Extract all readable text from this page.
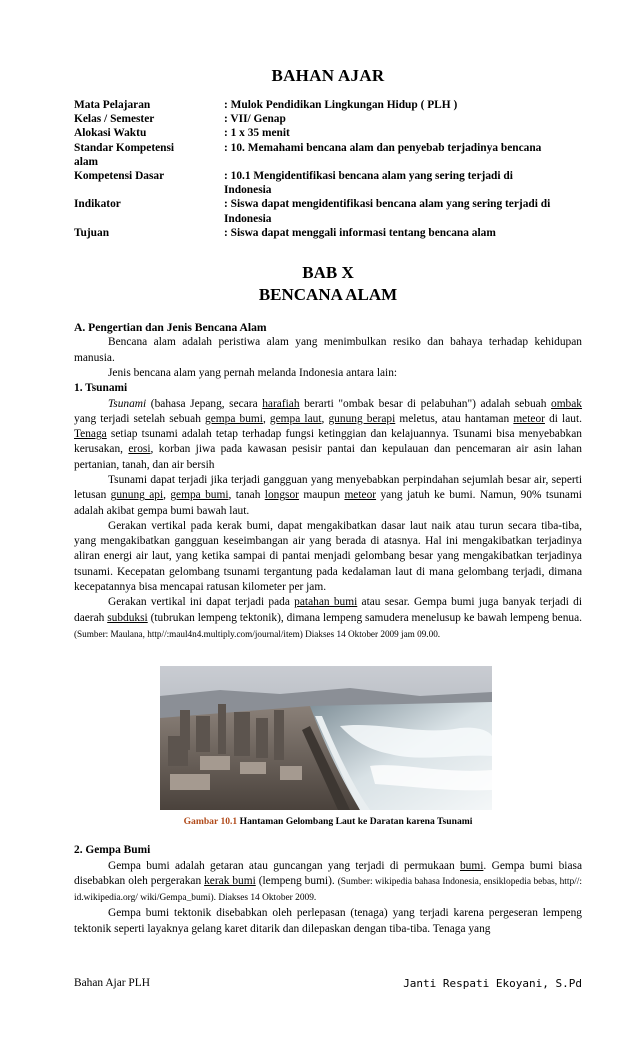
BAHAN AJAR
Mata Pelajaran	: Mulok Pendidikan Lingkungan Hidup ( PLH )
Kelas / Semester	: VII/ Genap
Alokasi Waktu	: 1 x 35 menit
Standar Kompetensi	: 10. Memahami bencana alam dan penyebab terjadinya bencana
alam
Kompetensi Dasar	: 10.1 Mengidentifikasi bencana alam yang sering terjadi di
Indonesia
Indikator	: Siswa dapat mengidentifikasi bencana alam yang sering terjadi di
Indonesia
Tujuan	: Siswa dapat menggali informasi tentang bencana alam
BAB X
BENCANA ALAM
A. Pengertian dan Jenis Bencana Alam

Bencana alam adalah peristiwa alam yang menimbulkan resiko dan bahaya terhadap kehidupan manusia.

Jenis bencana alam yang pernah melanda Indonesia antara lain:

1. Tsunami

Tsunami (bahasa Jepang, secara harafiah berarti "ombak besar di pelabuhan") adalah sebuah ombak yang terjadi setelah sebuah gempa bumi, gempa laut, gunung berapi meletus, atau hantaman meteor di laut. Tenaga setiap tsunami adalah tetap terhadap fungsi ketinggian dan kelajuannya. Tsunami bisa menyebabkan kerusakan, erosi, korban jiwa pada kawasan pesisir pantai dan kepulauan dan pencemaran air asin lahan pertanian, tanah, dan air bersih

Tsunami dapat terjadi jika terjadi gangguan yang menyebabkan perpindahan sejumlah besar air, seperti letusan gunung api, gempa bumi, tanah longsor maupun meteor yang jatuh ke bumi. Namun, 90% tsunami adalah akibat gempa bumi bawah laut.

Gerakan vertikal pada kerak bumi, dapat mengakibatkan dasar laut naik atau turun secara tiba-tiba, yang mengakibatkan gangguan keseimbangan air yang berada di atasnya. Hal ini mengakibatkan terjadinya aliran energi air laut, yang ketika sampai di pantai menjadi gelombang besar yang mengakibatkan terjadinya tsunami. Kecepatan gelombang tsunami tergantung pada kedalaman laut di mana gelombang terjadi, dimana kecepatannya bisa mencapai ratusan kilometer per jam.

Gerakan vertikal ini dapat terjadi pada patahan bumi atau sesar. Gempa bumi juga banyak terjadi di daerah subduksi (tubrukan lempeng tektonik), dimana lempeng samudera menelusup ke bawah lempeng benua.

(Sumber: Maulana, http//:maul4n4.multiply.com/journal/item) Diakses 14 Oktober 2009 jam 09.00.
Gambar 10.1 Hantaman Gelombang Laut ke Daratan karena Tsunami
2. Gempa Bumi

Gempa bumi adalah getaran atau guncangan yang terjadi di permukaan bumi. Gempa bumi biasa disebabkan oleh pergerakan kerak bumi (lempeng bumi). (Sumber: wikipedia bahasa Indonesia, ensiklopedia bebas, http//: id.wikipedia.org/ wiki/Gempa_bumi). Diakses 14 Oktober 2009.

Gempa bumi tektonik disebabkan oleh perlepasan (tenaga) yang terjadi karena pergeseran lempeng tektonik seperti layaknya gelang karet ditarik dan dilepaskan dengan tiba-tiba. Tenaga yang

Bahan Ajar PLH	Janti Respati Ekoyani, S.Pd
